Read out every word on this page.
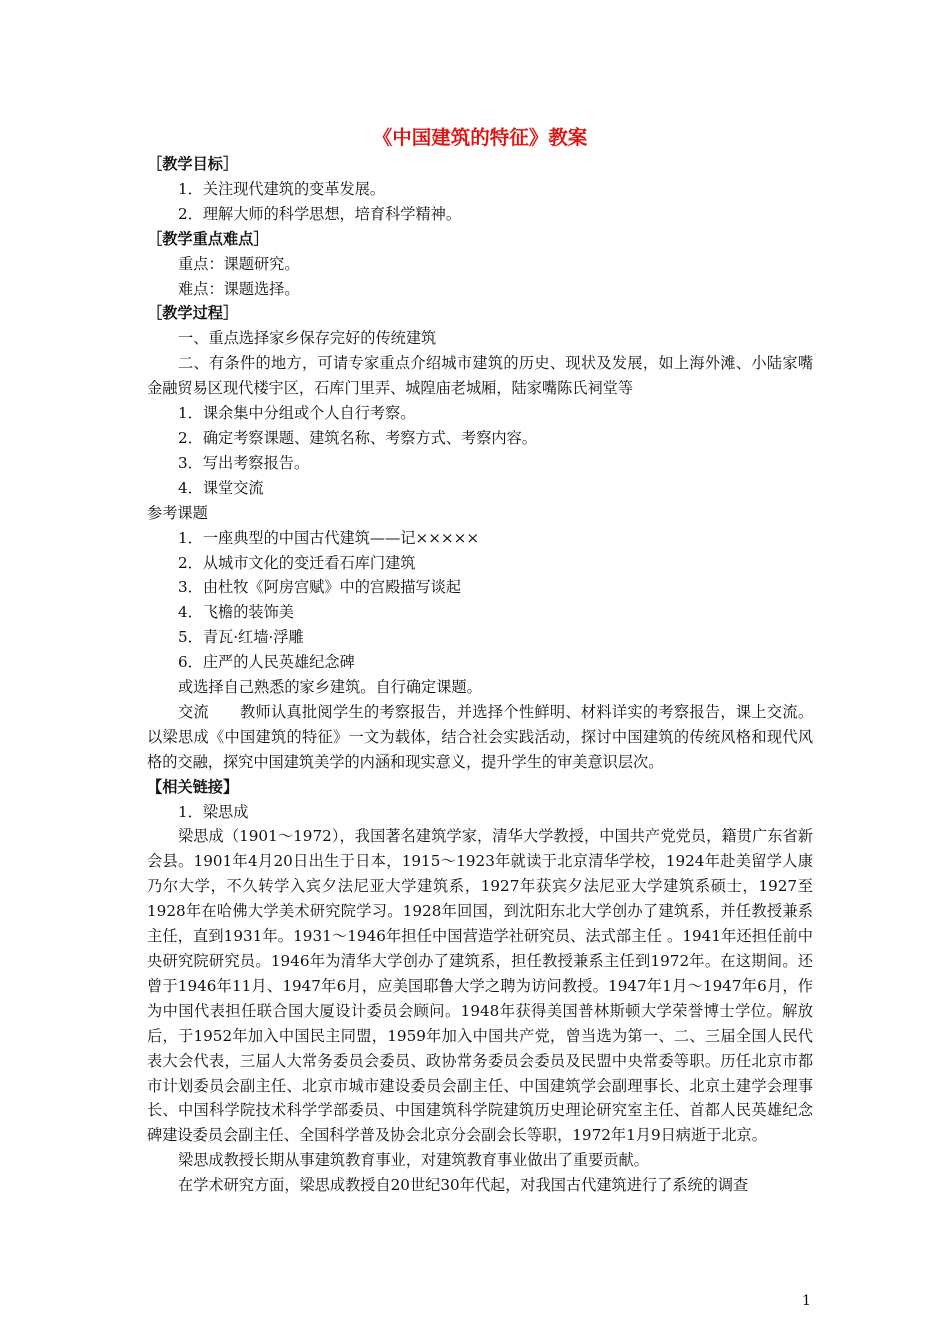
《中国建筑的特征》教案
［教学目标］
1．关注现代建筑的变革发展。
2．理解大师的科学思想，培育科学精神。
［教学重点难点］
重点：课题研究。
难点：课题选择。
［教学过程］
一、重点选择家乡保存完好的传统建筑

二、有条件的地方，可请专家重点介绍城市建筑的历史、现状及发展，如上海外滩、小陆家嘴金融贸易区现代楼宇区，石库门里弄、城隍庙老城厢，陆家嘴陈氏祠堂等

1．课余集中分组或个人自行考察。
2．确定考察课题、建筑名称、考察方式、考察内容。
3．写出考察报告。
4．课堂交流
参考课题
1．一座典型的中国古代建筑——记×××××
2．从城市文化的变迁看石库门建筑
3．由杜牧《阿房宫赋》中的宫殿描写谈起
4．飞檐的装饰美
5．青瓦·红墙·浮雕
6．庄严的人民英雄纪念碑
或选择自己熟悉的家乡建筑。自行确定课题。

交流　　教师认真批阅学生的考察报告，并选择个性鲜明、材料详实的考察报告，课上交流。以梁思成《中国建筑的特征》一文为载体，结合社会实践活动，探讨中国建筑的传统风格和现代风格的交融，探究中国建筑美学的内涵和现实意义，提升学生的审美意识层次。

【相关链接】
1．梁思成

梁思成（1901～1972），我国著名建筑学家，清华大学教授，中国共产党党员，籍贯广东省新会县。1901年4月20日出生于日本，1915～1923年就读于北京清华学校，1924年赴美留学人康乃尔大学，不久转学入宾夕法尼亚大学建筑系，1927年获宾夕法尼亚大学建筑系硕士，1927至1928年在哈佛大学美术研究院学习。1928年回国，到沈阳东北大学创办了建筑系，并任教授兼系主任，直到1931年。1931～1946年担任中国营造学社研究员、法式部主任 。1941年还担任前中央研究院研究员。1946年为清华大学创办了建筑系，担任教授兼系主任到1972年。在这期间。还曾于1946年11月、1947年6月，应美国耶鲁大学之聘为访问教授。1947年1月～1947年6月，作为中国代表担任联合国大厦设计委员会顾问。1948年获得美国普林斯顿大学荣誉博士学位。解放后，于1952年加入中国民主同盟，1959年加入中国共产党，曾当选为第一、二、三届全国人民代表大会代表，三届人大常务委员会委员、政协常务委员会委员及民盟中央常委等职。历任北京市都市计划委员会副主任、北京市城市建设委员会副主任、中国建筑学会副理事长、北京土建学会理事长、中国科学院技术科学学部委员、中国建筑科学院建筑历史理论研究室主任、首都人民英雄纪念碑建设委员会副主任、全国科学普及协会北京分会副会长等职，1972年1月9日病逝于北京。

梁思成教授长期从事建筑教育事业，对建筑教育事业做出了重要贡献。

在学术研究方面，梁思成教授自20世纪30年代起，对我国古代建筑进行了系统的调查

1
